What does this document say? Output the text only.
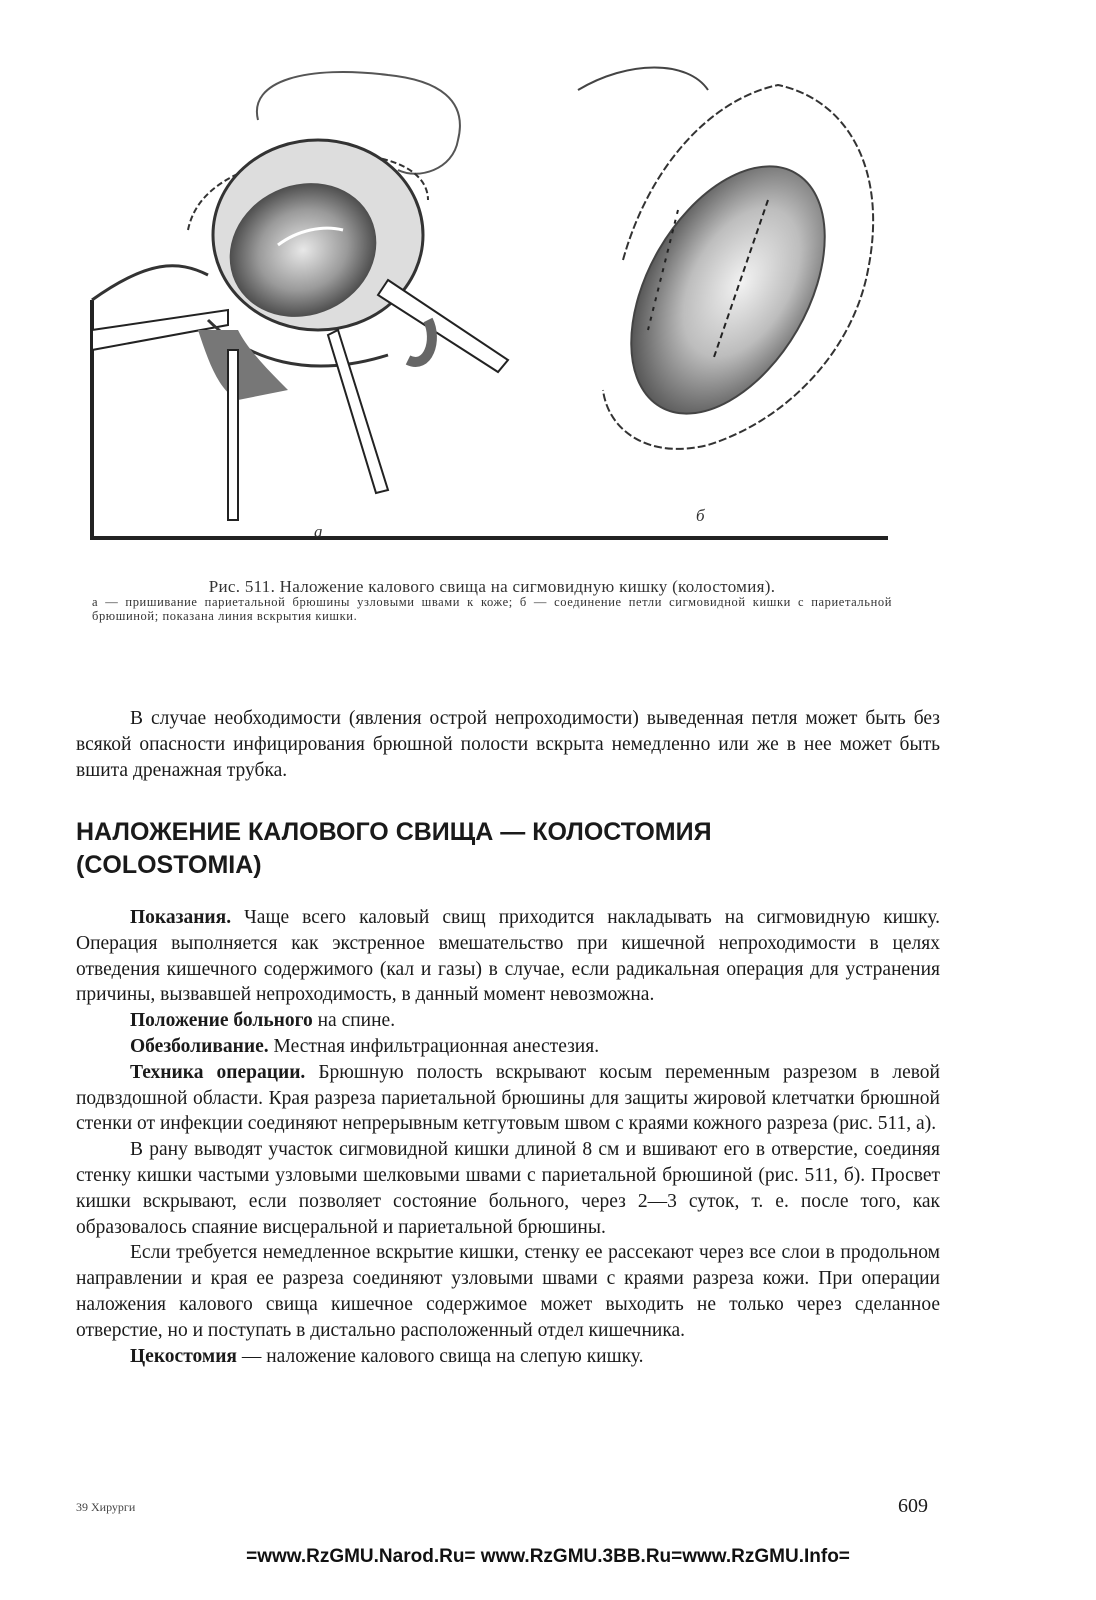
a
б
Рис. 511. Наложение калового свища на сигмовидную кишку (колостомия).
а — пришивание париетальной брюшины узловыми швами к коже; б — соединение петли сигмовидной кишки с париетальной брюшиной; показана линия вскрытия кишки.

В случае необходимости (явления острой непроходимости) выведенная петля может быть без всякой опасности инфицирования брюшной полости вскрыта немедленно или же в нее может быть вшита дренажная трубка.

НАЛОЖЕНИЕ КАЛОВОГО СВИЩА — КОЛОСТОМИЯ
(COLOSTOMIA)

Показания. Чаще всего каловый свищ приходится накладывать на сигмовидную кишку. Операция выполняется как экстренное вмешательство при кишечной непроходимости в целях отведения кишечного содержимого (кал и газы) в случае, если радикальная операция для устранения причины, вызвавшей непроходимость, в данный момент невозможна.

Положение больного на спине.

Обезболивание. Местная инфильтрационная анестезия.

Техника операции. Брюшную полость вскрывают косым переменным разрезом в левой подвздошной области. Края разреза париетальной брюшины для защиты жировой клетчатки брюшной стенки от инфекции соединяют непрерывным кетгутовым швом с краями кожного разреза (рис. 511, а).

В рану выводят участок сигмовидной кишки длиной 8 см и вшивают его в отверстие, соединяя стенку кишки частыми узловыми шелковыми швами с париетальной брюшиной (рис. 511, б). Просвет кишки вскрывают, если позволяет состояние больного, через 2—3 суток, т. е. после того, как образовалось спаяние висцеральной и париетальной брюшины.

Если требуется немедленное вскрытие кишки, стенку ее рассекают через все слои в продольном направлении и края ее разреза соединяют узловыми швами с краями разреза кожи. При операции наложения калового свища кишечное содержимое может выходить не только через сделанное отверстие, но и поступать в дистально расположенный отдел кишечника.

Цекостомия — наложение калового свища на слепую кишку.

39 Хирурги	609
=www.RzGMU.Narod.Ru= www.RzGMU.3BB.Ru=www.RzGMU.Info=
